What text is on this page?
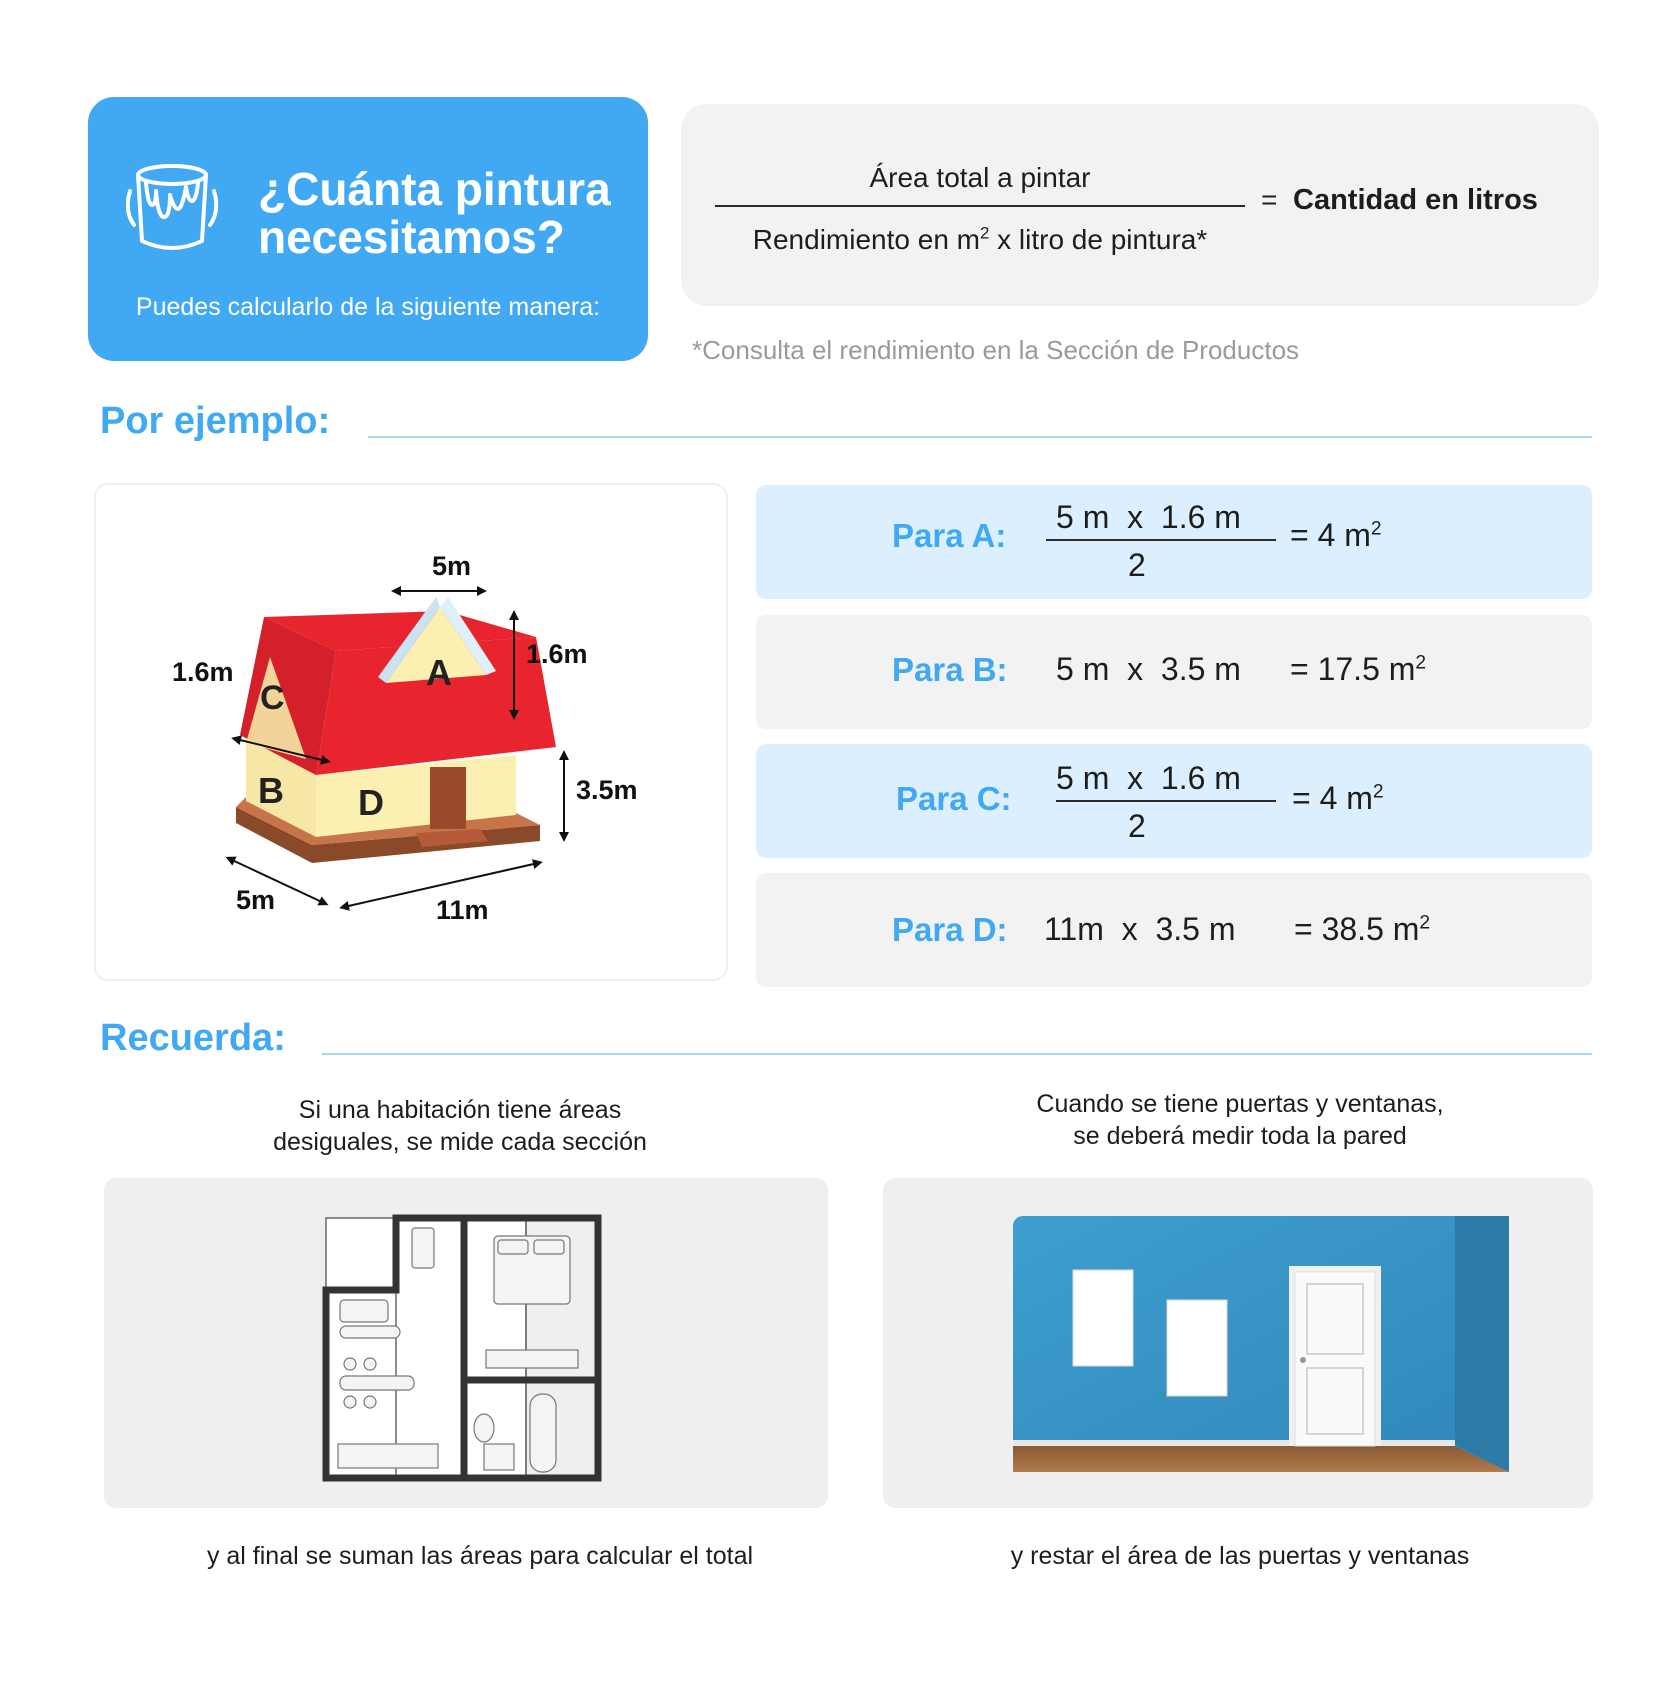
¿Cuánta pintura
necesitamos?
Puedes calcularlo de la siguiente manera:
Área total a pintar
Rendimiento en $m^2$ x litro de pintura*
= Cantidad en litros
*Consulta el rendimiento en la Sección de Productos
Por ejemplo:
A
C
B D
5m
1.6m
1.6m
3.5m
5m	11m
Para A: 5 m  x  1.6 m
2
= 4 $m^2$
Para B: 5 m  x  3.5 m = 17.5 $m^2$
Para C:
5 m  x  1.6 m
2
= 4 $m^2$
Para D: 11m  x  3.5 m = 38.5 $m^2$
Recuerda:
Si una habitación tiene áreas
desiguales, se mide cada sección
Cuando se tiene puertas y ventanas,
se deberá medir toda la pared
y al final se suman las áreas para calcular el total	y restar el área de las puertas y ventanas
